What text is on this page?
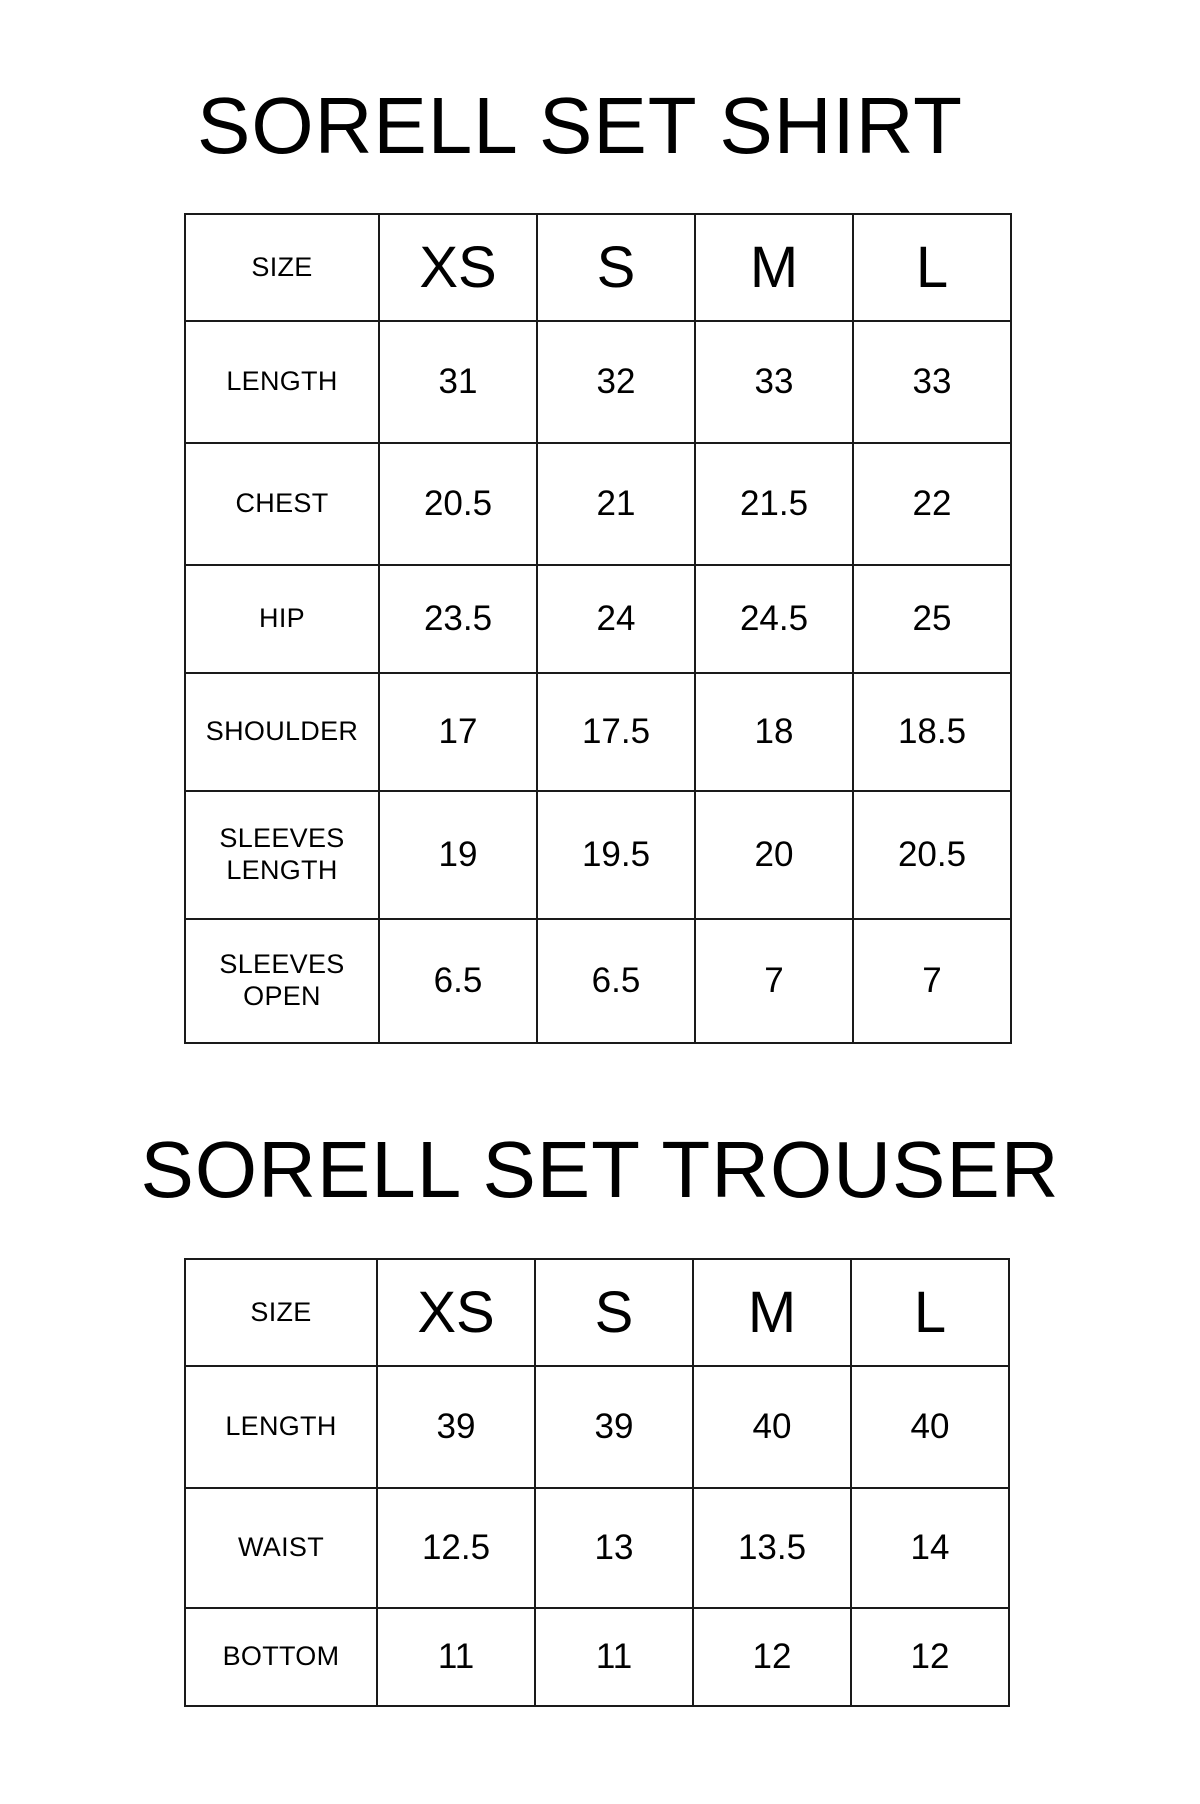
SORELL SET SHIRT
SIZE	XS	S	M	L
LENGTH	31	32	33	33
CHEST	20.5	21	21.5	22
HIP	23.5	24	24.5	25
SHOULDER	17	17.5	18	18.5
SLEEVES
LENGTH	19	19.5	20	20.5
SLEEVES
OPEN	6.5	6.5	7	7
SORELL SET TROUSER
SIZE	XS	S	M	L
LENGTH	39	39	40	40
WAIST	12.5	13	13.5	14
BOTTOM	11	11	12	12
